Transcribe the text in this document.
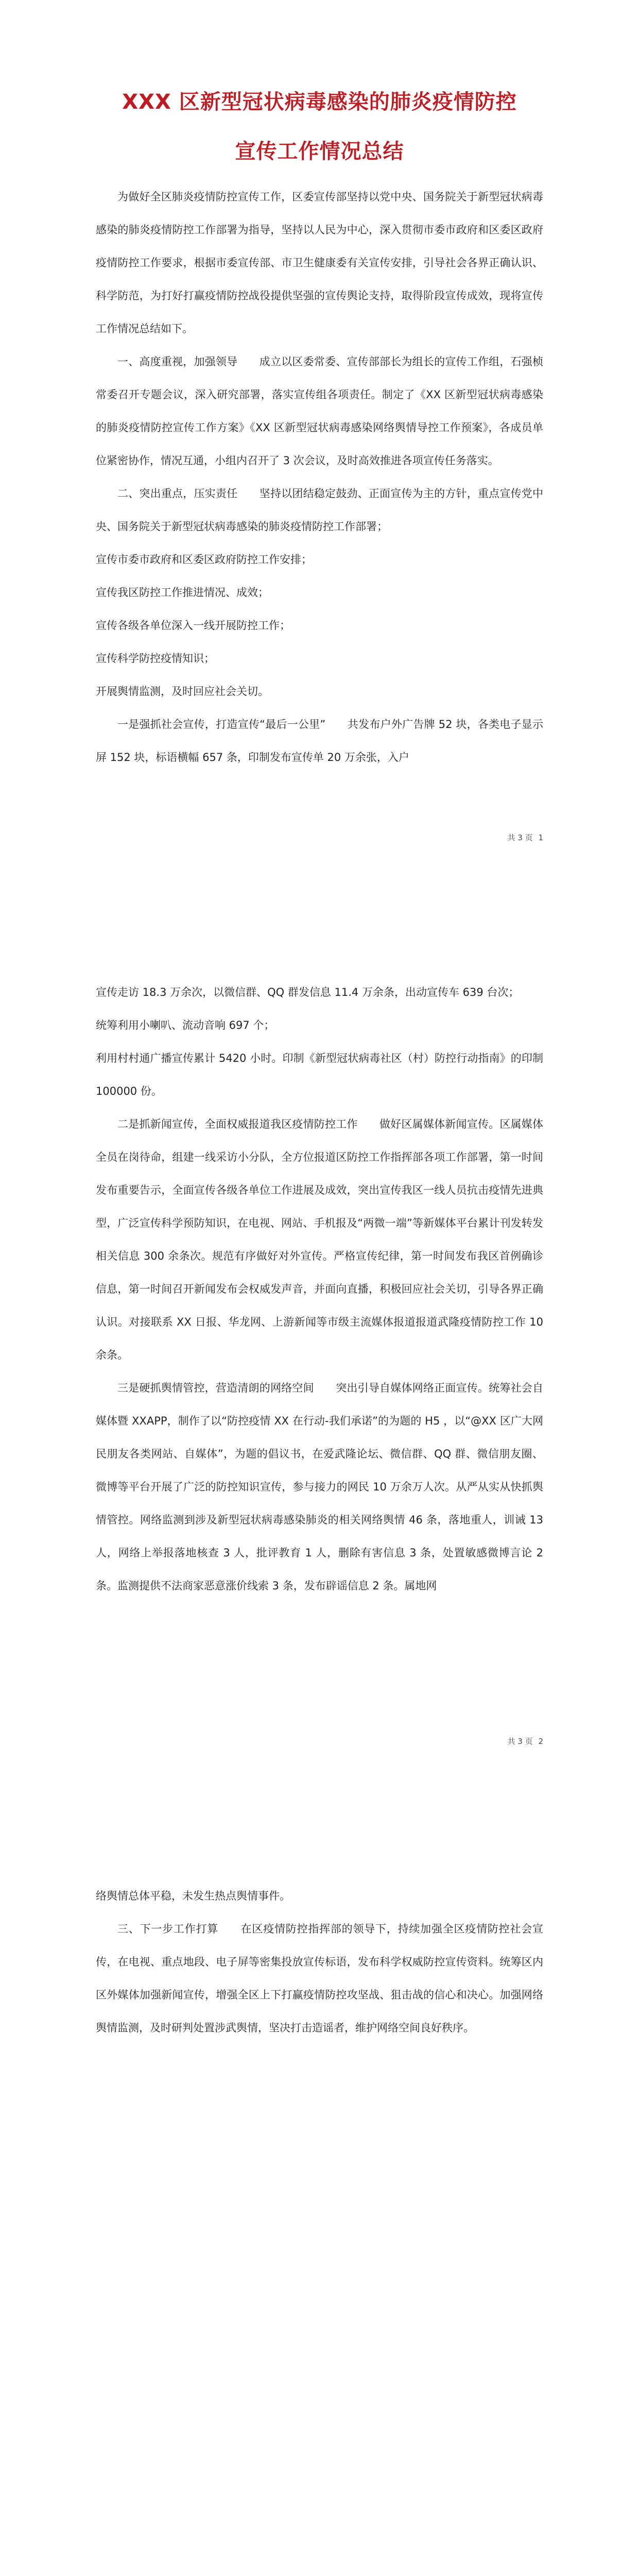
XXX 区新型冠状病毒感染的肺炎疫情防控
宣传工作情况总结

为做好全区肺炎疫情防控宣传工作，区委宣传部坚持以党中央、国务院关于新型冠状病毒感染的肺炎疫情防控工作部署为指导，坚持以人民为中心，深入贯彻市委市政府和区委区政府疫情防控工作要求，根据市委宣传部、市卫生健康委有关宣传安排，引导社会各界正确认识、科学防范，为打好打赢疫情防控战役提供坚强的宣传舆论支持，取得阶段宣传成效，现将宣传工作情况总结如下。

一、高度重视，加强领导　　成立以区委常委、宣传部部长为组长的宣传工作组，石强桢常委召开专题会议，深入研究部署，落实宣传组各项责任。制定了《XX 区新型冠状病毒感染的肺炎疫情防控宣传工作方案》《XX 区新型冠状病毒感染网络舆情导控工作预案》，各成员单位紧密协作，情况互通，小组内召开了 3 次会议，及时高效推进各项宣传任务落实。

二、突出重点，压实责任　　坚持以团结稳定鼓劲、正面宣传为主的方针，重点宣传党中央、国务院关于新型冠状病毒感染的肺炎疫情防控工作部署；

宣传市委市政府和区委区政府防控工作安排；

宣传我区防控工作推进情况、成效；

宣传各级各单位深入一线开展防控工作；

宣传科学防控疫情知识；

开展舆情监测，及时回应社会关切。

一是强抓社会宣传，打造宣传“最后一公里”　　共发布户外广告牌 52 块，各类电子显示屏 152 块，标语横幅 657 条，印制发布宣传单 20 万余张，入户

共 3 页 1

宣传走访 18.3 万余次，以微信群、QQ 群发信息 11.4 万余条，出动宣传车 639 台次；

统筹利用小喇叭、流动音响 697 个；

利用村村通广播宣传累计 5420 小时。印制《新型冠状病毒社区（村）防控行动指南》的印制 100000 份。

二是抓新闻宣传，全面权威报道我区疫情防控工作　　做好区属媒体新闻宣传。区属媒体全员在岗待命，组建一线采访小分队，全方位报道区防控工作指挥部各项工作部署，第一时间发布重要告示，全面宣传各级各单位工作进展及成效，突出宣传我区一线人员抗击疫情先进典型，广泛宣传科学预防知识，在电视、网站、手机报及“两微一端”等新媒体平台累计刊发转发相关信息 300 余条次。规范有序做好对外宣传。严格宣传纪律，第一时间发布我区首例确诊信息，第一时间召开新闻发布会权威发声音，并面向直播，积极回应社会关切，引导各界正确认识。对接联系 XX 日报、华龙网、上游新闻等市级主流媒体报道报道武隆疫情防控工作 10 余条。

三是硬抓舆情管控，营造清朗的网络空间　　突出引导自媒体网络正面宣传。统筹社会自媒体暨 XXAPP，制作了以“防控疫情 XX 在行动-我们承诺”的为题的 H5 ，以“@XX 区广大网民朋友各类网站、自媒体”，为题的倡议书，在爱武隆论坛、微信群、QQ 群、微信朋友圈、微博等平台开展了广泛的防控知识宣传，参与接力的网民 10 万余万人次。从严从实从快抓舆情管控。网络监测到涉及新型冠状病毒感染肺炎的相关网络舆情 46 条，落地重人，训诫 13 人，网络上举报落地核查 3 人，批评教育 1 人，删除有害信息 3 条，处置敏感微博言论 2 条。监测提供不法商家恶意涨价线索 3 条，发布辟谣信息 2 条。属地网

共 3 页 2

络舆情总体平稳，未发生热点舆情事件。

三、下一步工作打算　　在区疫情防控指挥部的领导下，持续加强全区疫情防控社会宣传，在电视、重点地段、电子屏等密集投放宣传标语，发布科学权威防控宣传资料。统筹区内区外媒体加强新闻宣传，增强全区上下打赢疫情防控攻坚战、狙击战的信心和决心。加强网络舆情监测，及时研判处置涉武舆情，坚决打击造谣者，维护网络空间良好秩序。
